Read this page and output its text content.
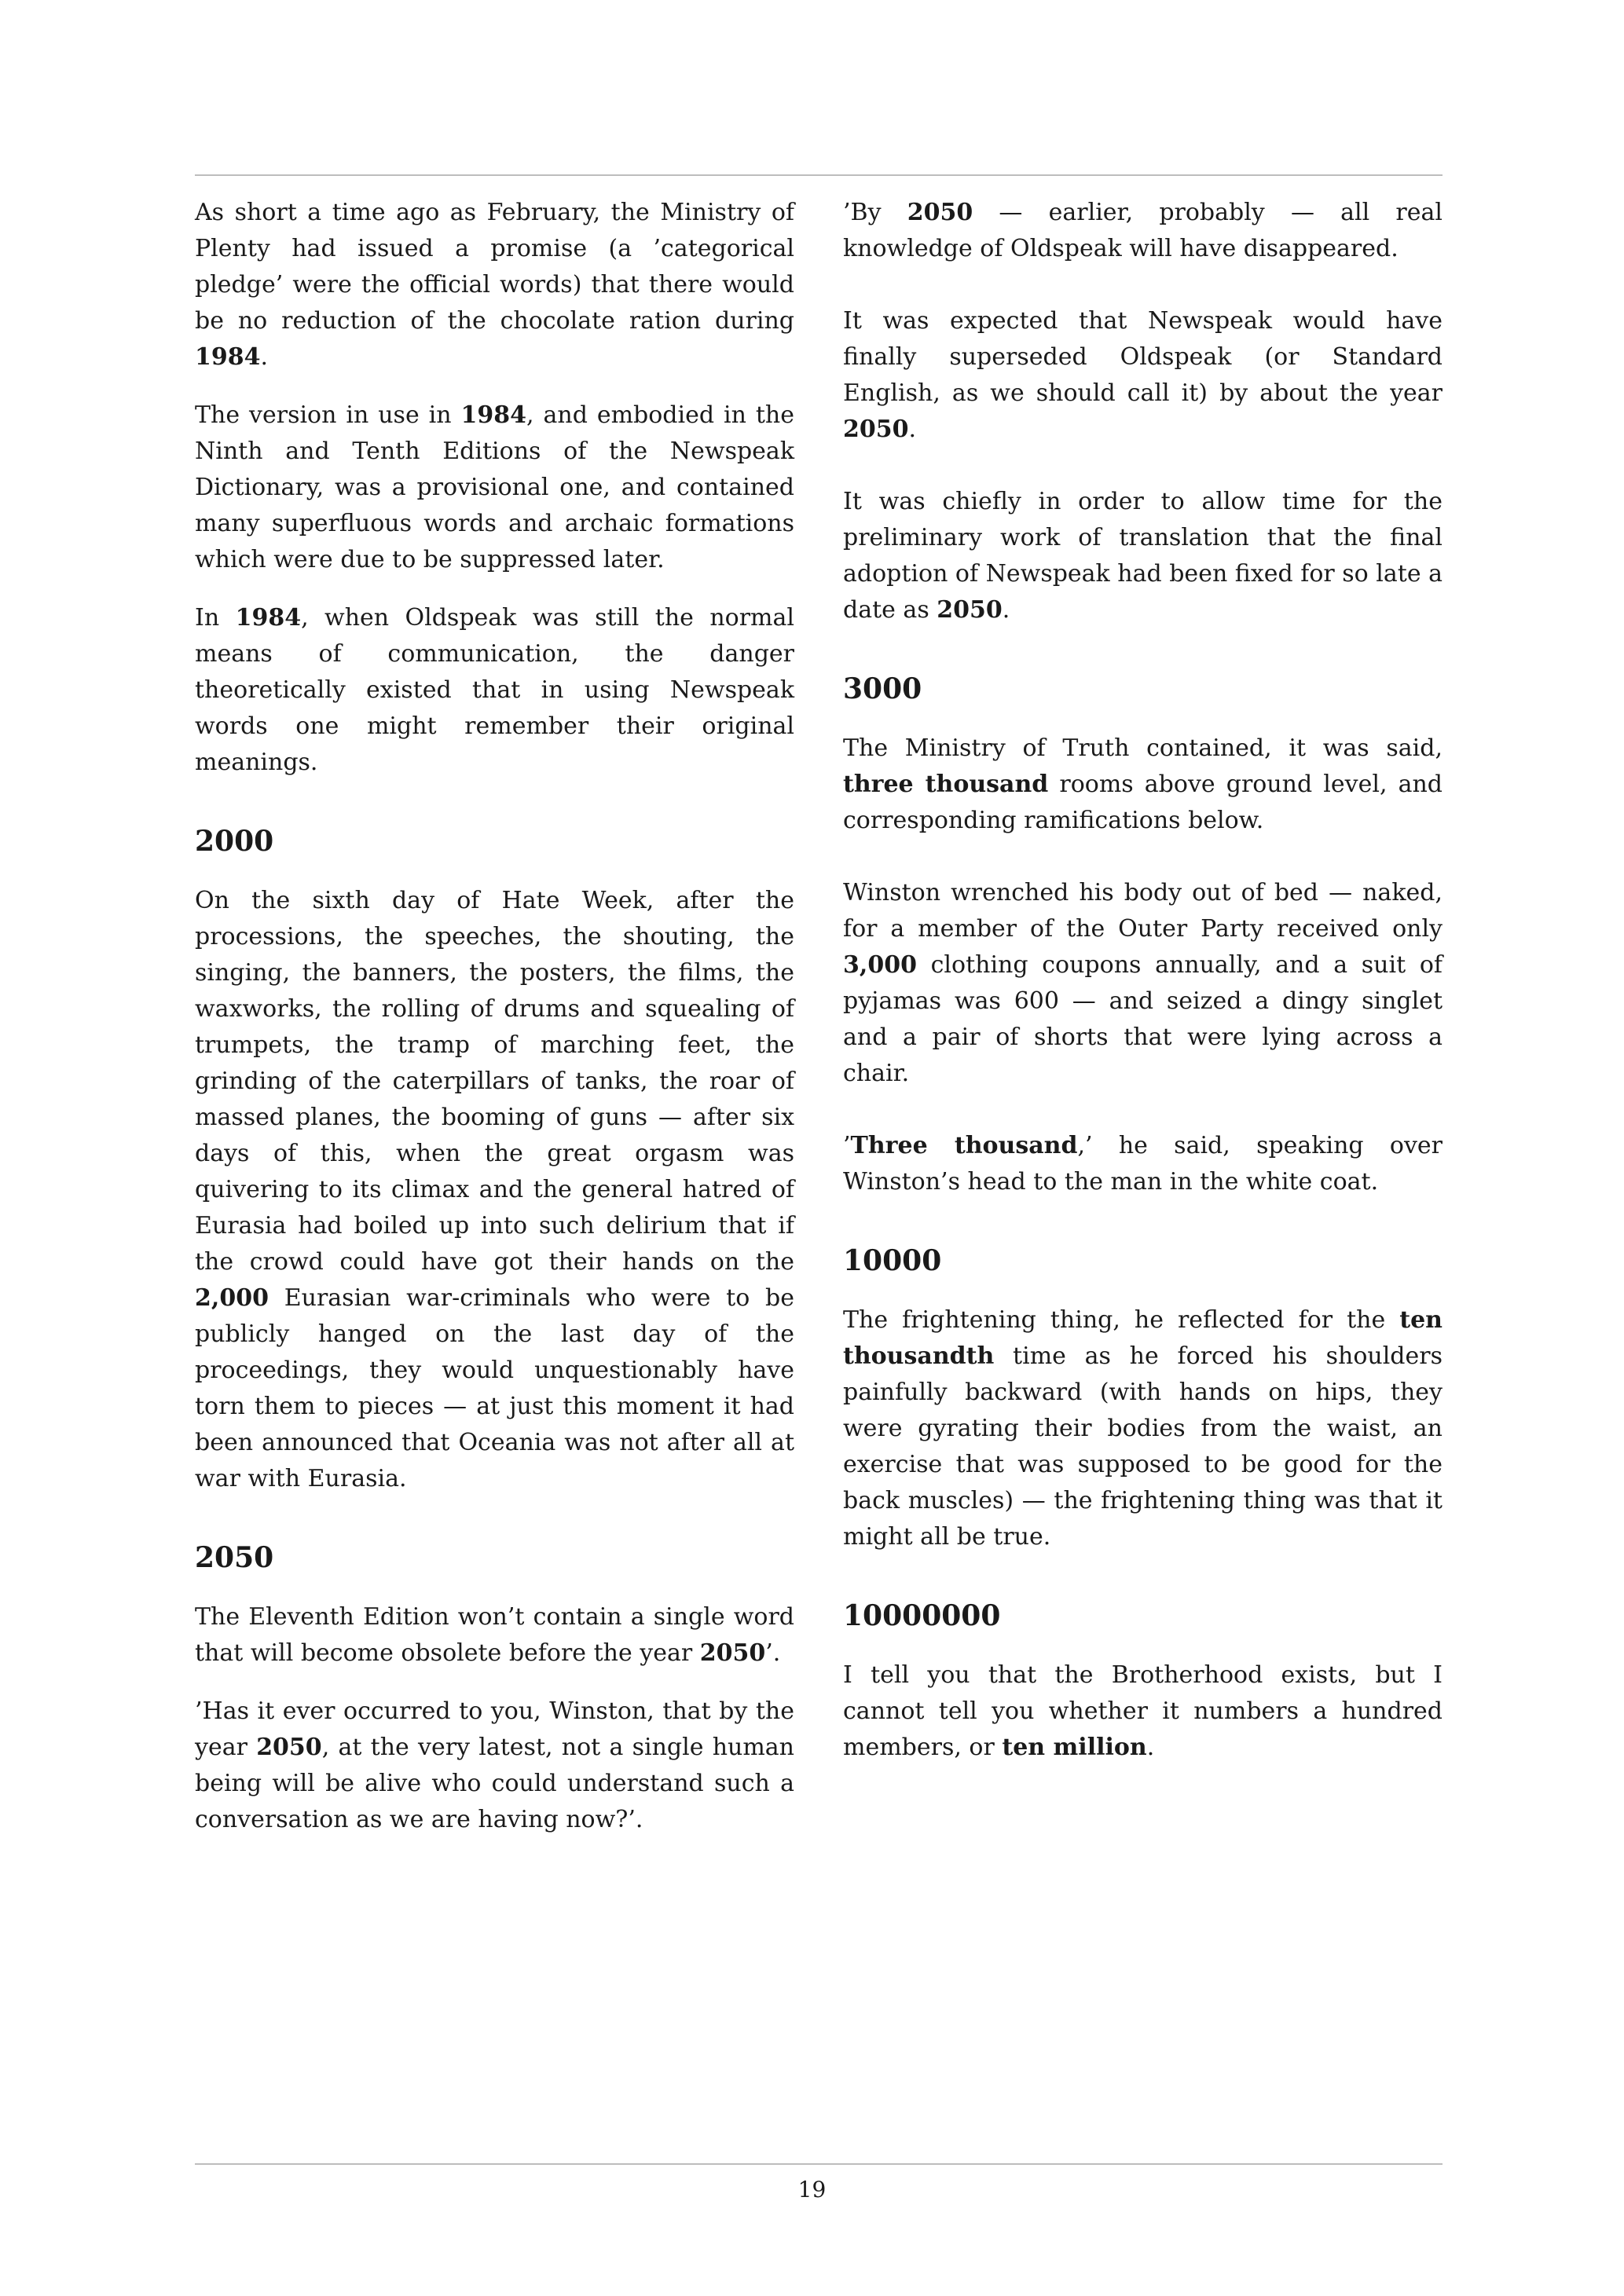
As short a time ago as February, the Ministry of Plenty had issued a promise (a ’categorical pledge’ were the official words) that there would be no reduction of the chocolate ration during 1984.

The version in use in 1984, and embodied in the Ninth and Tenth Editions of the Newspeak Dictionary, was a provisional one, and contained many superfluous words and archaic formations which were due to be suppressed later.

In 1984, when Oldspeak was still the normal means of communication, the danger theoretically existed that in using Newspeak words one might remember their original meanings.

2000

On the sixth day of Hate Week, after the processions, the speeches, the shouting, the singing, the banners, the posters, the films, the waxworks, the rolling of drums and squealing of trumpets, the tramp of marching feet, the grinding of the caterpillars of tanks, the roar of massed planes, the booming of guns — after six days of this, when the great orgasm was quivering to its climax and the general hatred of Eurasia had boiled up into such delirium that if the crowd could have got their hands on the 2,000 Eurasian war-criminals who were to be publicly hanged on the last day of the proceedings, they would unquestionably have torn them to pieces — at just this moment it had been announced that Oceania was not after all at war with Eurasia.

2050

The Eleventh Edition won’t contain a single word that will become obsolete before the year 2050’.

’Has it ever occurred to you, Winston, that by the year 2050, at the very latest, not a single human being will be alive who could understand such a conversation as we are having now?’.

’By 2050 — earlier, probably — all real knowledge of Oldspeak will have disappeared.

It was expected that Newspeak would have finally superseded Oldspeak (or Standard English, as we should call it) by about the year 2050.

It was chiefly in order to allow time for the preliminary work of translation that the final adoption of Newspeak had been fixed for so late a date as 2050.

3000

The Ministry of Truth contained, it was said, three thousand rooms above ground level, and corresponding ramifications below.

Winston wrenched his body out of bed — naked, for a member of the Outer Party received only 3,000 clothing coupons annually, and a suit of pyjamas was 600 — and seized a dingy singlet and a pair of shorts that were lying across a chair.

’Three thousand,’ he said, speaking over Winston’s head to the man in the white coat.

10000

The frightening thing, he reflected for the ten thousandth time as he forced his shoulders painfully backward (with hands on hips, they were gyrating their bodies from the waist, an exercise that was supposed to be good for the back muscles) — the frightening thing was that it might all be true.

10000000

I tell you that the Brotherhood exists, but I cannot tell you whether it numbers a hundred members, or ten million.

19
